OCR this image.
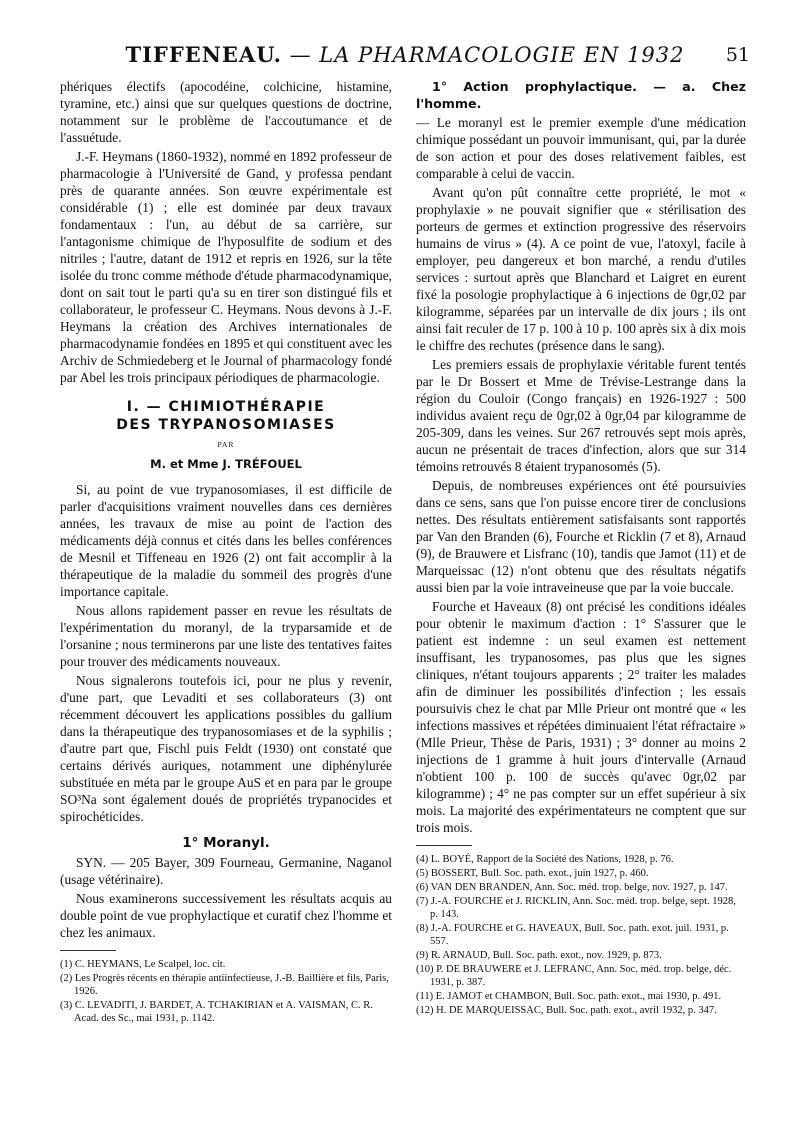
TIFFENEAU. — LA PHARMACOLOGIE EN 1932	51

phériques électifs (apocodéine, colchicine, histamine, tyramine, etc.) ainsi que sur quelques questions de doctrine, notamment sur le problème de l'accoutumance et de l'assuétude.

J.-F. Heymans (1860-1932), nommé en 1892 professeur de pharmacologie à l'Université de Gand, y professa pendant près de quarante années. Son œuvre expérimentale est considérable (1) ; elle est dominée par deux travaux fondamentaux : l'un, au début de sa carrière, sur l'antagonisme chimique de l'hyposulfite de sodium et des nitriles ; l'autre, datant de 1912 et repris en 1926, sur la tête isolée du tronc comme méthode d'étude pharmacodynamique, dont on sait tout le parti qu'a su en tirer son distingué fils et collaborateur, le professeur C. Heymans. Nous devons à J.-F. Heymans la création des Archives internationales de pharmacodynamie fondées en 1895 et qui constituent avec les Archiv de Schmiedeberg et le Journal of pharmacology fondé par Abel les trois principaux périodiques de pharmacologie.

I. — CHIMIOTHÉRAPIE
DES TRYPANOSOMIASES
PAR
M. et Mme J. TRÉFOUEL

Si, au point de vue trypanosomiases, il est difficile de parler d'acquisitions vraiment nouvelles dans ces dernières années, les travaux de mise au point de l'action des médicaments déjà connus et cités dans les belles conférences de Mesnil et Tiffeneau en 1926 (2) ont fait accomplir à la thérapeutique de la maladie du sommeil des progrès d'une importance capitale.

Nous allons rapidement passer en revue les résultats de l'expérimentation du moranyl, de la tryparsamide et de l'orsanine ; nous terminerons par une liste des tentatives faites pour trouver des médicaments nouveaux.

Nous signalerons toutefois ici, pour ne plus y revenir, d'une part, que Levaditi et ses collaborateurs (3) ont récemment découvert les applications possibles du gallium dans la thérapeutique des trypanosomiases et de la syphilis ; d'autre part que, Fischl puis Feldt (1930) ont constaté que certains dérivés auriques, notamment une diphénylurée substituée en méta par le groupe AuS et en para par le groupe SO³Na sont également doués de propriétés trypanocides et spirochéticides.

1° Moranyl.

SYN. — 205 Bayer, 309 Fourneau, Germanine, Naganol (usage vétérinaire).

Nous examinerons successivement les résultats acquis au double point de vue prophylactique et curatif chez l'homme et chez les animaux.

(1) C. HEYMANS, Le Scalpel, loc. cit.

(2) Les Progrès récents en thérapie antiinfectieuse, J.-B. Baillière et fils, Paris, 1926.

(3) C. LEVADITI, J. BARDET, A. TCHAKIRIAN et A. VAISMAN, C. R. Acad. des Sc., mai 1931, p. 1142.

1° Action prophylactique. — a. Chez l'homme.

— Le moranyl est le premier exemple d'une médication chimique possédant un pouvoir immunisant, qui, par la durée de son action et pour des doses relativement faibles, est comparable à celui de vaccin.

Avant qu'on pût connaître cette propriété, le mot « prophylaxie » ne pouvait signifier que « stérilisation des porteurs de germes et extinction progressive des réservoirs humains de virus » (4). A ce point de vue, l'atoxyl, facile à employer, peu dangereux et bon marché, a rendu d'utiles services : surtout après que Blanchard et Laigret en eurent fixé la posologie prophylactique à 6 injections de 0gr,02 par kilogramme, séparées par un intervalle de dix jours ; ils ont ainsi fait reculer de 17 p. 100 à 10 p. 100 après six à dix mois le chiffre des rechutes (présence dans le sang).

Les premiers essais de prophylaxie véritable furent tentés par le Dr Bossert et Mme de Trévise-Lestrange dans la région du Couloir (Congo français) en 1926-1927 : 500 individus avaient reçu de 0gr,02 à 0gr,04 par kilogramme de 205-309, dans les veines. Sur 267 retrouvés sept mois après, aucun ne présentait de traces d'infection, alors que sur 314 témoins retrouvés 8 étaient trypanosomés (5).

Depuis, de nombreuses expériences ont été poursuivies dans ce sens, sans que l'on puisse encore tirer de conclusions nettes. Des résultats entièrement satisfaisants sont rapportés par Van den Branden (6), Fourche et Ricklin (7 et 8), Arnaud (9), de Brauwere et Lisfranc (10), tandis que Jamot (11) et de Marqueissac (12) n'ont obtenu que des résultats négatifs aussi bien par la voie intraveineuse que par la voie buccale.

Fourche et Haveaux (8) ont précisé les conditions idéales pour obtenir le maximum d'action : 1° S'assurer que le patient est indemne : un seul examen est nettement insuffisant, les trypanosomes, pas plus que les signes cliniques, n'étant toujours apparents ; 2° traiter les malades afin de diminuer les possibilités d'infection ; les essais poursuivis chez le chat par Mlle Prieur ont montré que « les infections massives et répétées diminuaient l'état réfractaire » (Mlle Prieur, Thèse de Paris, 1931) ; 3° donner au moins 2 injections de 1 gramme à huit jours d'intervalle (Arnaud n'obtient 100 p. 100 de succès qu'avec 0gr,02 par kilogramme) ; 4° ne pas compter sur un effet supérieur à six mois. La majorité des expérimentateurs ne comptent que sur trois mois.

(4) L. BOYÉ, Rapport de la Société des Nations, 1928, p. 76.

(5) BOSSERT, Bull. Soc. path. exot., juin 1927, p. 460.

(6) VAN DEN BRANDEN, Ann. Soc. méd. trop. belge, nov. 1927, p. 147.

(7) J.-A. FOURCHE et J. RICKLIN, Ann. Soc. méd. trop. belge, sept. 1928, p. 143.

(8) J.-A. FOURCHE et G. HAVEAUX, Bull. Soc. path. exot. juil. 1931, p. 557.

(9) R. ARNAUD, Bull. Soc. path. exot., nov. 1929, p. 873.

(10) P. DE BRAUWERE et J. LEFRANC, Ann. Soc. méd. trop. belge, déc. 1931, p. 387.

(11) E. JAMOT et CHAMBON, Bull. Soc. path. exot., mai 1930, p. 491.

(12) H. DE MARQUEISSAC, Bull. Soc. path. exot., avril 1932, p. 347.
